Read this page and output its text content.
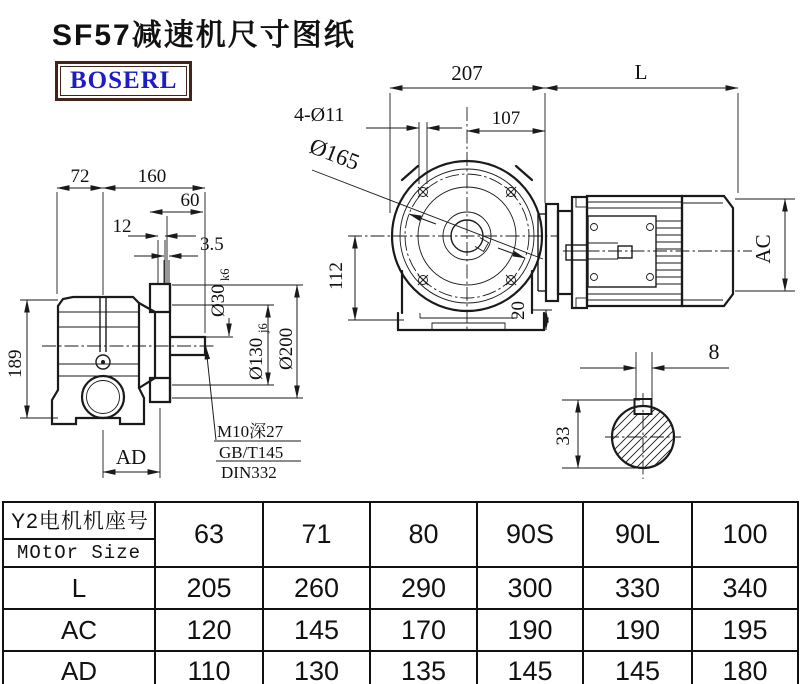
SF57减速机尺寸图纸
BOSERL
72	160
60
12
3.5
Ø30
k6
Ø130
j6 Ø200
189
AD
M10深27
GB/T145
DIN332
Ø165
207	L
107
4-Ø11
112
20
AC
8
33
Y2电机机座号
MOtOr Size	63	71	80	90S	90L	100
L	205	260	290	300	330	340
AC	120	145	170	190	190	195
AD	110	130	135	145	145	180
